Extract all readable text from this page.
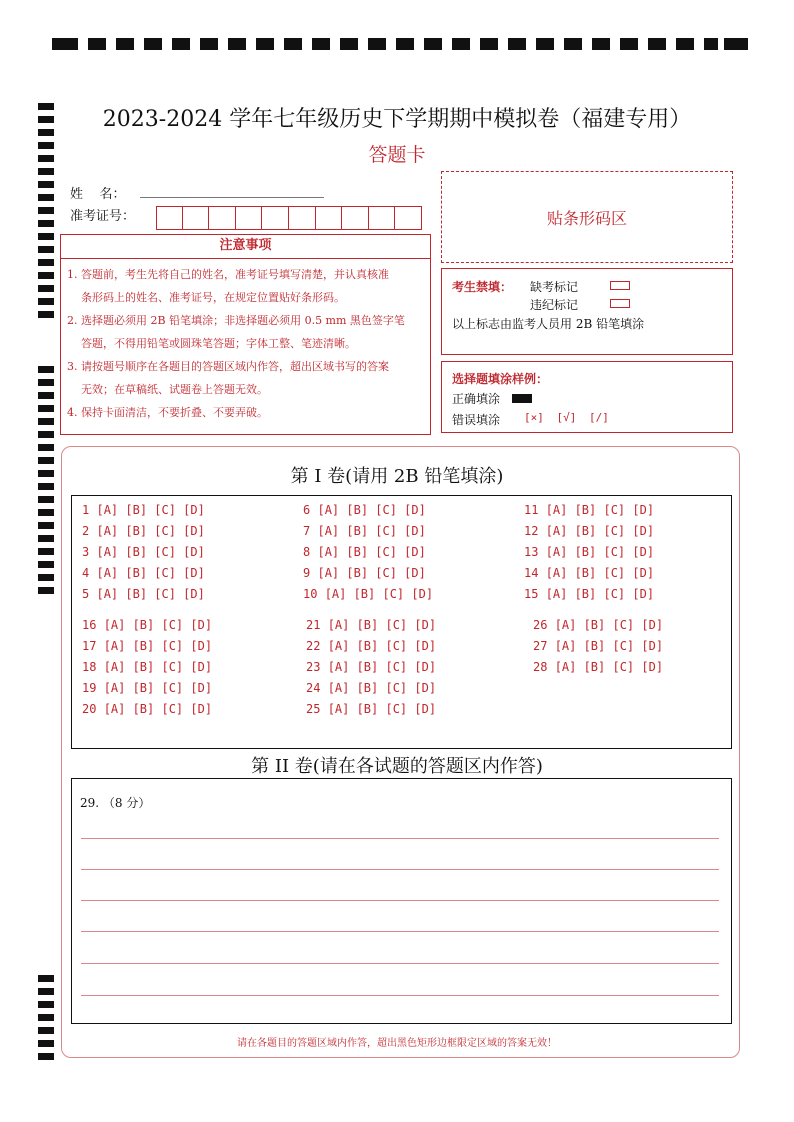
2023-2024 学年七年级历史下学期期中模拟卷（福建专用）
答题卡
姓    名：
准考证号：	贴条形码区
注意事项
1. 答题前，考生先将自己的姓名，准考证号填写清楚，并认真核准
条形码上的姓名、准考证号，在规定位置贴好条形码。
2. 选择题必须用 2B 铅笔填涂；非选择题必须用 0.5 mm 黑色签字笔
答题，不得用铅笔或圆珠笔答题；字体工整、笔迹清晰。
3. 请按题号顺序在各题目的答题区域内作答，超出区域书写的答案
无效；在草稿纸、试题卷上答题无效。
4. 保持卡面清洁，不要折叠、不要弄破。
考生禁填： 缺考标记
违纪标记
以上标志由监考人员用 2B 铅笔填涂
选择题填涂样例：
正确填涂
错误填涂 [×] [√] [/]
第 I 卷(请用 2B 铅笔填涂)
1 [A] [B] [C] [D]
2 [A] [B] [C] [D]
3 [A] [B] [C] [D]
4 [A] [B] [C] [D]
5 [A] [B] [C] [D]
6 [A] [B] [C] [D]
7 [A] [B] [C] [D]
8 [A] [B] [C] [D]
9 [A] [B] [C] [D]
10 [A] [B] [C] [D]
11 [A] [B] [C] [D]
12 [A] [B] [C] [D]
13 [A] [B] [C] [D]
14 [A] [B] [C] [D]
15 [A] [B] [C] [D]
16 [A] [B] [C] [D]
17 [A] [B] [C] [D]
18 [A] [B] [C] [D]
19 [A] [B] [C] [D]
20 [A] [B] [C] [D]
21 [A] [B] [C] [D]
22 [A] [B] [C] [D]
23 [A] [B] [C] [D]
24 [A] [B] [C] [D]
25 [A] [B] [C] [D]
26 [A] [B] [C] [D]
27 [A] [B] [C] [D]
28 [A] [B] [C] [D]
第 II 卷(请在各试题的答题区内作答)
29. （8 分）
请在各题目的答题区域内作答，超出黑色矩形边框限定区域的答案无效！
